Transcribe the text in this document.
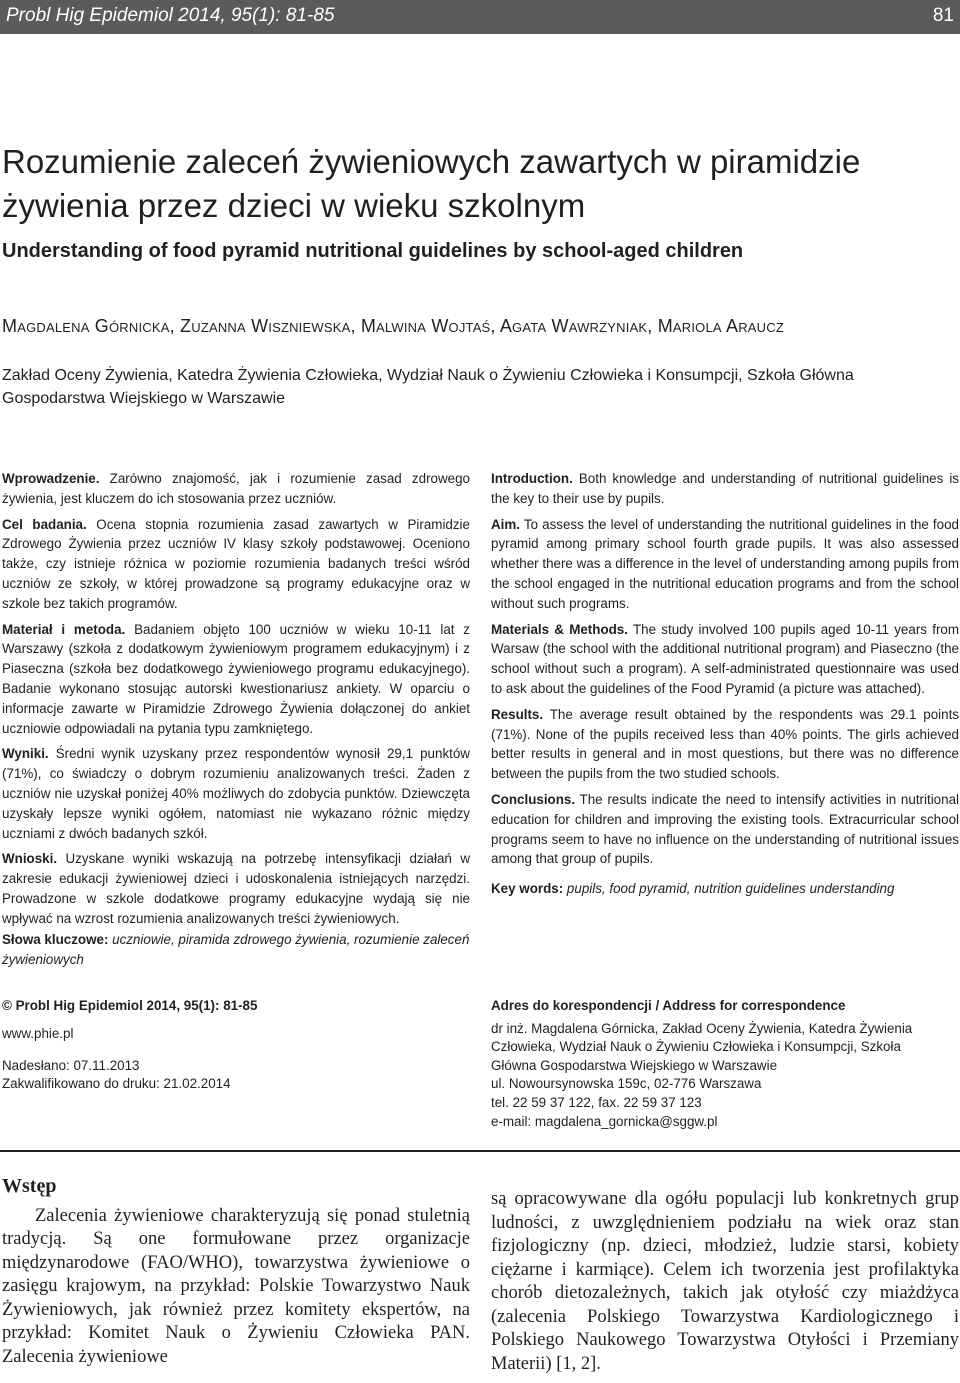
Probl Hig Epidemiol 2014, 95(1): 81-85	81
Rozumienie zaleceń żywieniowych zawartych w piramidzie
żywienia przez dzieci w wieku szkolnym
Understanding of food pyramid nutritional guidelines by school-aged children
Magdalena Górnicka, Zuzanna Wiszniewska, Malwina Wojtaś, Agata Wawrzyniak, Mariola Araucz
Zakład Oceny Żywienia, Katedra Żywienia Człowieka, Wydział Nauk o Żywieniu Człowieka i Konsumpcji, Szkoła Główna Gospodarstwa Wiejskiego w Warszawie

Wprowadzenie. Zarówno znajomość, jak i rozumienie zasad zdrowego żywienia, jest kluczem do ich stosowania przez uczniów.

Cel badania. Ocena stopnia rozumienia zasad zawartych w Piramidzie Zdrowego Żywienia przez uczniów IV klasy szkoły podstawowej. Oceniono także, czy istnieje różnica w poziomie rozumienia badanych treści wśród uczniów ze szkoły, w której prowadzone są programy edukacyjne oraz w szkole bez takich programów.

Materiał i metoda. Badaniem objęto 100 uczniów w wieku 10-11 lat z Warszawy (szkoła z dodatkowym żywieniowym programem edukacyjnym) i z Piaseczna (szkoła bez dodatkowego żywieniowego programu edukacyjnego). Badanie wykonano stosując autorski kwestionariusz ankiety. W oparciu o informacje zawarte w Piramidzie Zdrowego Żywienia dołączonej do ankiet uczniowie odpowiadali na pytania typu zamkniętego.

Wyniki. Średni wynik uzyskany przez respondentów wynosił 29,1 punktów (71%), co świadczy o dobrym rozumieniu analizowanych treści. Żaden z uczniów nie uzyskał poniżej 40% możliwych do zdobycia punktów. Dziewczęta uzyskały lepsze wyniki ogółem, natomiast nie wykazano różnic między uczniami z dwóch badanych szkół.

Wnioski. Uzyskane wyniki wskazują na potrzebę intensyfikacji działań w zakresie edukacji żywieniowej dzieci i udoskonalenia istniejących narzędzi. Prowadzone w szkole dodatkowe programy edukacyjne wydają się nie wpływać na wzrost rozumienia analizowanych treści żywieniowych.

Słowa kluczowe: uczniowie, piramida zdrowego żywienia, rozumienie zaleceń żywieniowych

Introduction. Both knowledge and understanding of nutritional guidelines is the key to their use by pupils.

Aim. To assess the level of understanding the nutritional guidelines in the food pyramid among primary school fourth grade pupils. It was also assessed whether there was a difference in the level of understanding among pupils from the school engaged in the nutritional education programs and from the school without such programs.

Materials & Methods. The study involved 100 pupils aged 10-11 years from Warsaw (the school with the additional nutritional program) and Piaseczno (the school without such a program). A self-administrated questionnaire was used to ask about the guidelines of the Food Pyramid (a picture was attached).

Results. The average result obtained by the respondents was 29.1 points (71%). None of the pupils received less than 40% points. The girls achieved better results in general and in most questions, but there was no difference between the pupils from the two studied schools.

Conclusions. The results indicate the need to intensify activities in nutritional education for children and improving the existing tools. Extracurricular school programs seem to have no influence on the understanding of nutritional issues among that group of pupils.

Key words: pupils, food pyramid, nutrition guidelines understanding
© Probl Hig Epidemiol 2014, 95(1): 81-85
www.phie.pl
Nadesłano: 07.11.2013
Zakwalifikowano do druku: 21.02.2014
Adres do korespondencji / Address for correspondence
dr inż. Magdalena Górnicka, Zakład Oceny Żywienia, Katedra Żywienia
Człowieka, Wydział Nauk o Żywieniu Człowieka i Konsumpcji, Szkoła
Główna Gospodarstwa Wiejskiego w Warszawie
ul. Nowoursynowska 159c, 02-776 Warszawa
tel. 22 59 37 122, fax. 22 59 37 123
e-mail: magdalena_gornicka@sggw.pl
Wstęp

Zalecenia żywieniowe charakteryzują się ponad stuletnią tradycją. Są one formułowane przez organizacje międzynarodowe (FAO/WHO), towarzystwa żywieniowe o zasięgu krajowym, na przykład: Polskie Towarzystwo Nauk Żywieniowych, jak również przez komitety ekspertów, na przykład: Komitet Nauk o Żywieniu Człowieka PAN. Zalecenia żywieniowe

są opracowywane dla ogółu populacji lub konkretnych grup ludności, z uwzględnieniem podziału na wiek oraz stan fizjologiczny (np. dzieci, młodzież, ludzie starsi, kobiety ciężarne i karmiące). Celem ich tworzenia jest profilaktyka chorób dietozależnych, takich jak otyłość czy miażdżyca (zalecenia Polskiego Towarzystwa Kardiologicznego i Polskiego Naukowego Towarzystwa Otyłości i Przemiany Materii) [1, 2].
